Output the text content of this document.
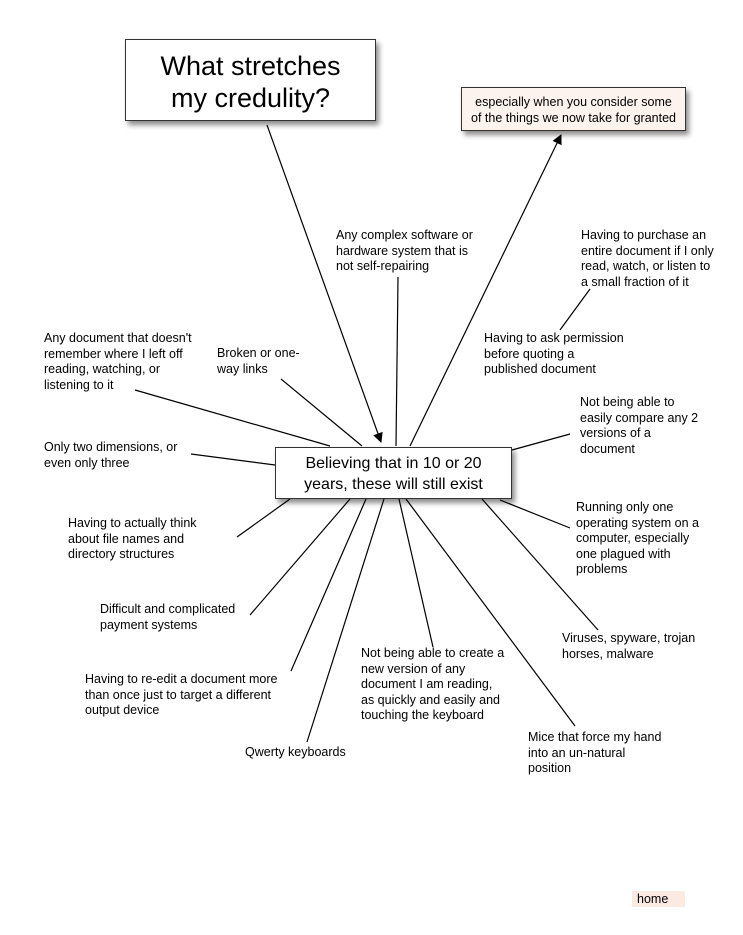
What stretches
my credulity?	especially when you consider some
of the things we now take for granted
Believing that in 10 or 20
years, these will still exist
Any complex software or
hardware system that is
not self-repairing
Having to purchase an
entire document if I only
read, watch, or listen to
a small fraction of it
Any document that doesn't
remember where I left off
reading, watching, or
listening to it
Broken or one-
way links
Having to ask permission
before quoting a
published document
Not being able to
easily compare any 2
versions of a
document
Only two dimensions, or
even only three
Running only one
operating system on a
computer, especially
one plagued with
problems
Having to actually think
about file names and
directory structures
Difficult and complicated
payment systems
Viruses, spyware, trojan
horses, malware
Having to re-edit a document more
than once just to target a different
output device
Not being able to create a
new version of any
document I am reading,
as quickly and easily and
touching the keyboard
Mice that force my hand
into an un-natural
position
Qwerty keyboards
home
